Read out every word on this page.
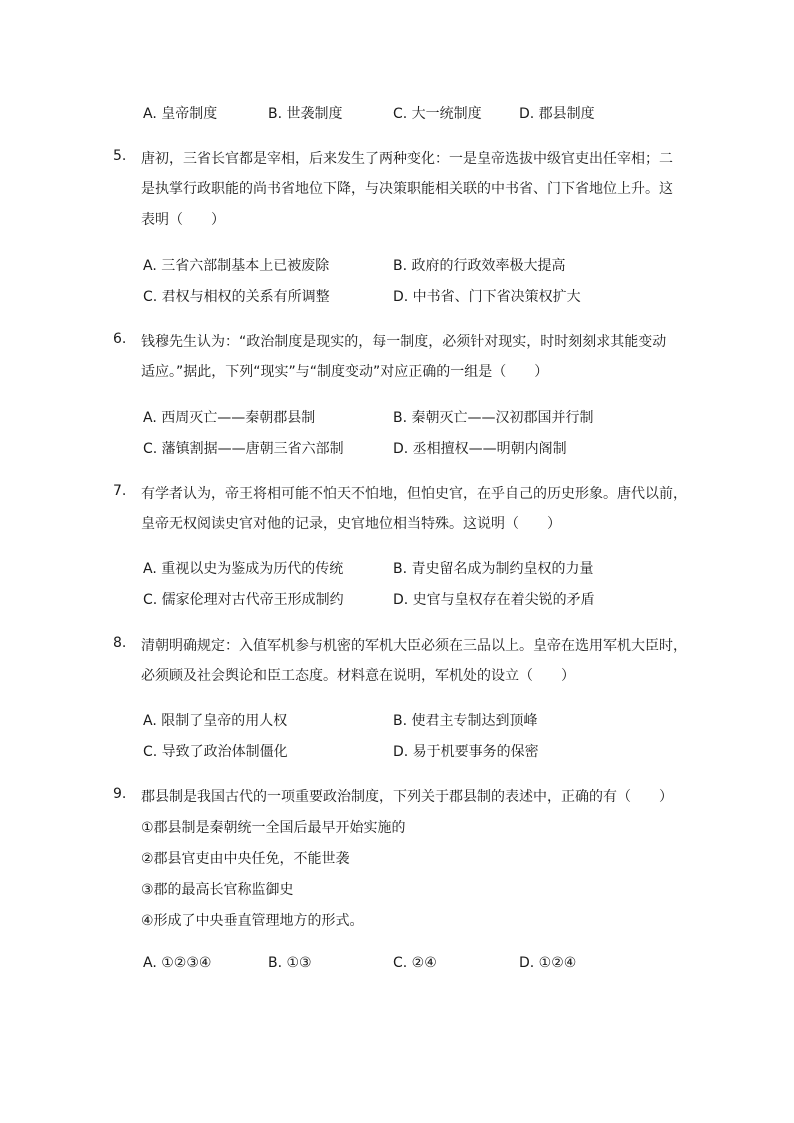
A. 皇帝制度	B. 世袭制度	C. 大一统制度	D. 郡县制度
5. 唐初，三省长官都是宰相，后来发生了两种变化：一是皇帝选拔中级官吏出任宰相；二
是执掌行政职能的尚书省地位下降，与决策职能相关联的中书省、门下省地位上升。这
表明（　　）
A. 三省六部制基本上已被废除	B. 政府的行政效率极大提高
C. 君权与相权的关系有所调整	D. 中书省、门下省决策权扩大
6. 钱穆先生认为：“政治制度是现实的，每一制度，必须针对现实，时时刻刻求其能变动
适应。”据此，下列“现实”与“制度变动”对应正确的一组是（　　）
A. 西周灭亡——秦朝郡县制	B. 秦朝灭亡——汉初郡国并行制
C. 藩镇割据——唐朝三省六部制	D. 丞相擅权——明朝内阁制
7. 有学者认为，帝王将相可能不怕天不怕地，但怕史官，在乎自己的历史形象。唐代以前，
皇帝无权阅读史官对他的记录，史官地位相当特殊。这说明（　　）
A. 重视以史为鉴成为历代的传统	B. 青史留名成为制约皇权的力量
C. 儒家伦理对古代帝王形成制约	D. 史官与皇权存在着尖锐的矛盾
8. 清朝明确规定：入值军机参与机密的军机大臣必须在三品以上。皇帝在选用军机大臣时，
必须顾及社会舆论和臣工态度。材料意在说明，军机处的设立（　　）
A. 限制了皇帝的用人权	B. 使君主专制达到顶峰
C. 导致了政治体制僵化	D. 易于机要事务的保密
9. 郡县制是我国古代的一项重要政治制度，下列关于郡县制的表述中，正确的有（　　）
①郡县制是秦朝统一全国后最早开始实施的
②郡县官吏由中央任免，不能世袭
③郡的最高长官称监御史
④形成了中央垂直管理地方的形式。
A. ①②③④	B. ①③	C. ②④	D. ①②④
